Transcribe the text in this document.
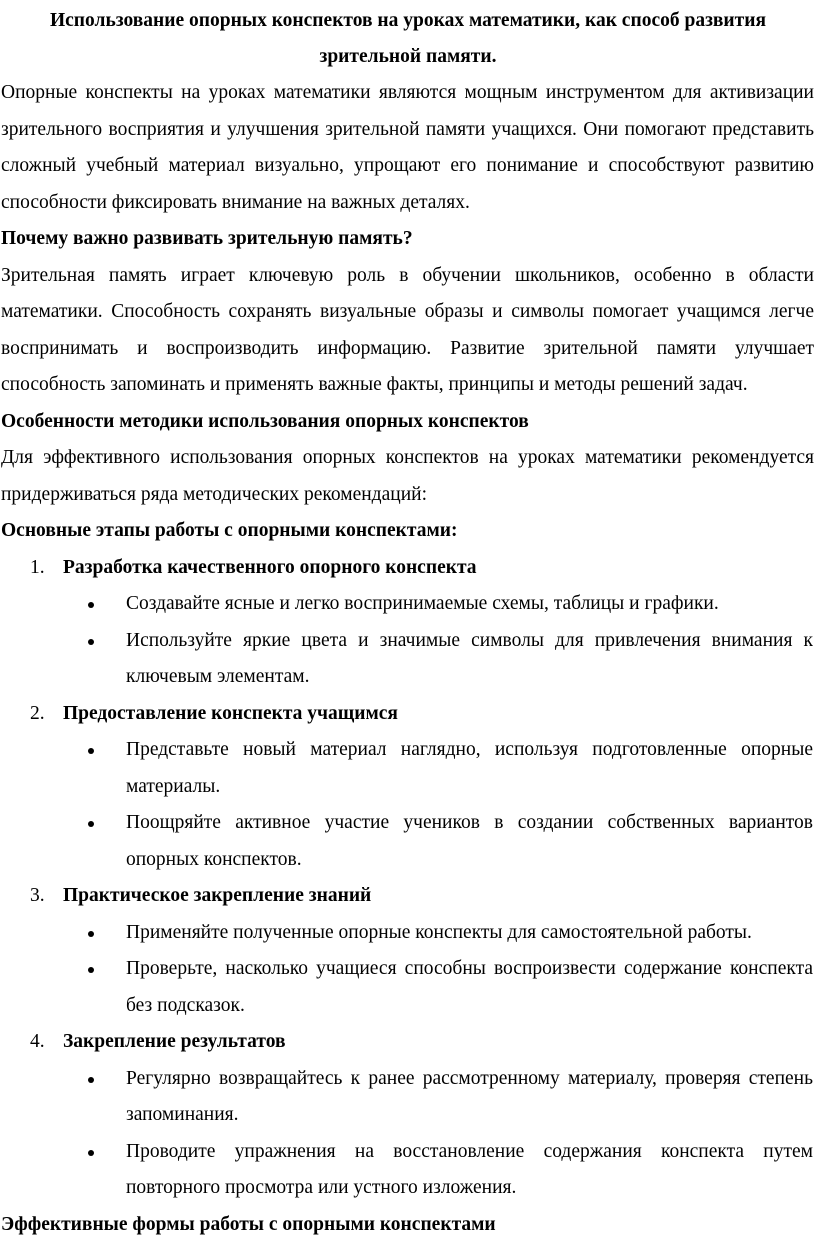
Использование опорных конспектов на уроках математики, как способ развития
зрительной памяти.

Опорные конспекты на уроках математики являются мощным инструментом для активизации зрительного восприятия и улучшения зрительной памяти учащихся. Они помогают представить сложный учебный материал визуально, упрощают его понимание и способствуют развитию способности фиксировать внимание на важных деталях.

Почему важно развивать зрительную память?

Зрительная память играет ключевую роль в обучении школьников, особенно в области математики. Способность сохранять визуальные образы и символы помогает учащимся легче воспринимать и воспроизводить информацию. Развитие зрительной памяти улучшает способность запоминать и применять важные факты, принципы и методы решений задач.

Особенности методики использования опорных конспектов

Для эффективного использования опорных конспектов на уроках математики рекомендуется придерживаться ряда методических рекомендаций:

Основные этапы работы с опорными конспектами:
1. Разработка качественного опорного конспекта
Создавайте ясные и легко воспринимаемые схемы, таблицы и графики.
Используйте яркие цвета и значимые символы для привлечения внимания к ключевым элементам.
2. Предоставление конспекта учащимся
Представьте новый материал наглядно, используя подготовленные опорные материалы.
Поощряйте активное участие учеников в создании собственных вариантов опорных конспектов.
3. Практическое закрепление знаний
Применяйте полученные опорные конспекты для самостоятельной работы.
Проверьте, насколько учащиеся способны воспроизвести содержание конспекта без подсказок.
4. Закрепление результатов
Регулярно возвращайтесь к ранее рассмотренному материалу, проверяя степень запоминания.
Проводите упражнения на восстановление содержания конспекта путем повторного просмотра или устного изложения.
Эффективные формы работы с опорными конспектами
